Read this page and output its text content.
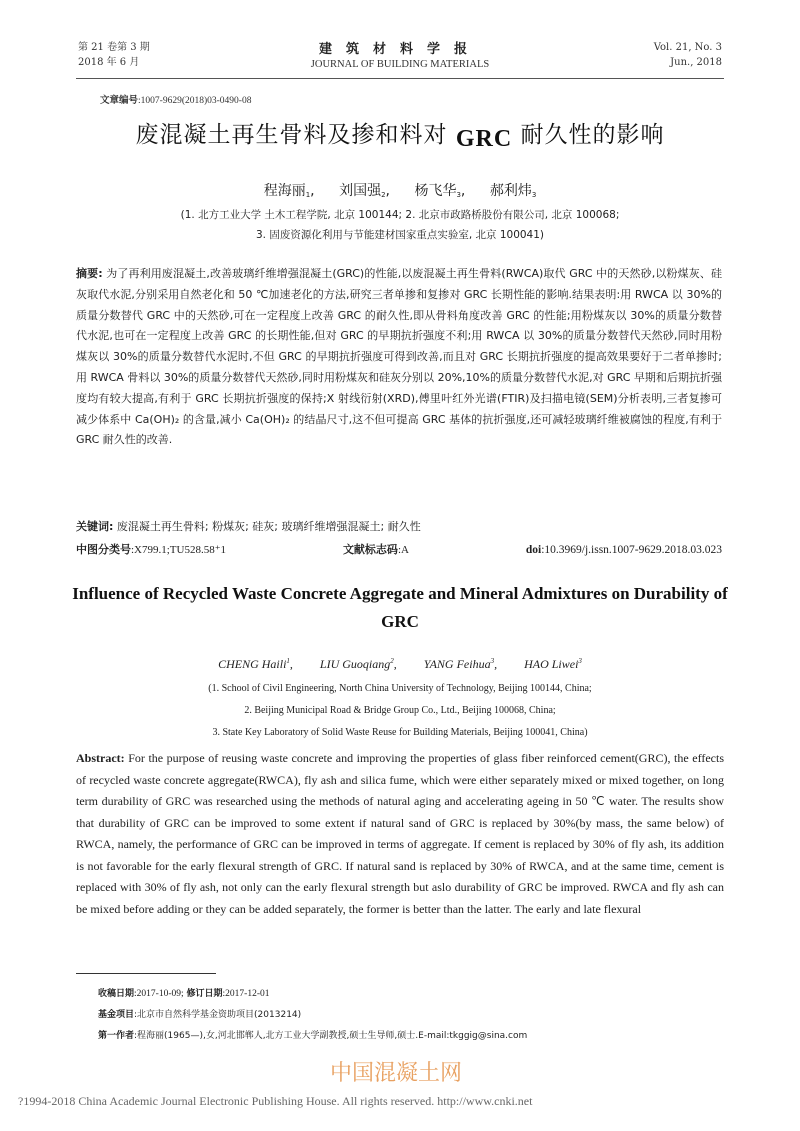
第 21 卷第 3 期
2018 年 6 月
建筑材料学报
JOURNAL OF BUILDING MATERIALS
Vol. 21, No. 3
Jun., 2018
文章编号:1007-9629(2018)03-0490-08
废混凝土再生骨料及掺和料对 GRC 耐久性的影响
程海丽$^1$, 刘国强$^2$, 杨飞华$^3$, 郝利炜$^3$
(1. 北方工业大学 土木工程学院, 北京 100144; 2. 北京市政路桥股份有限公司, 北京 100068;
3. 固废资源化利用与节能建材国家重点实验室, 北京 100041)
摘要: 为了再利用废混凝土,改善玻璃纤维增强混凝土(GRC)的性能,以废混凝土再生骨料(RWCA)取代 GRC 中的天然砂,以粉煤灰、硅灰取代水泥,分别采用自然老化和 50 ℃加速老化的方法,研究三者单掺和复掺对 GRC 长期性能的影响.结果表明:用 RWCA 以 30%的质量分数替代 GRC 中的天然砂,可在一定程度上改善 GRC 的耐久性,即从骨料角度改善 GRC 的性能;用粉煤灰以 30%的质量分数替代水泥,也可在一定程度上改善 GRC 的长期性能,但对 GRC 的早期抗折强度不利;用 RWCA 以 30%的质量分数替代天然砂,同时用粉煤灰以 30%的质量分数替代水泥时,不但 GRC 的早期抗折强度可得到改善,而且对 GRC 长期抗折强度的提高效果要好于二者单掺时;用 RWCA 骨料以 30%的质量分数替代天然砂,同时用粉煤灰和硅灰分别以 20%,10%的质量分数替代水泥,对 GRC 早期和后期抗折强度均有较大提高,有利于 GRC 长期抗折强度的保持;X 射线衍射(XRD),傅里叶红外光谱(FTIR)及扫描电镜(SEM)分析表明,三者复掺可减少体系中 Ca(OH)₂ 的含量,减小 Ca(OH)₂ 的结晶尺寸,这不但可提高 GRC 基体的抗折强度,还可减轻玻璃纤维被腐蚀的程度,有利于 GRC 耐久性的改善.
关键词: 废混凝土再生骨料; 粉煤灰; 硅灰; 玻璃纤维增强混凝土; 耐久性
中图分类号:X799.1;TU528.58⁺1	文献标志码:A	doi:10.3969/j.issn.1007-9629.2018.03.023
Influence of Recycled Waste Concrete Aggregate and Mineral Admixtures on Durability of GRC
CHENG Haili$^1$, LIU Guoqiang$^2$, YANG Feihua$^3$, HAO Liwei$^3$
(1. School of Civil Engineering, North China University of Technology, Beijing 100144, China;
2. Beijing Municipal Road & Bridge Group Co., Ltd., Beijing 100068, China;
3. State Key Laboratory of Solid Waste Reuse for Building Materials, Beijing 100041, China)
Abstract: For the purpose of reusing waste concrete and improving the properties of glass fiber reinforced cement(GRC), the effects of recycled waste concrete aggregate(RWCA), fly ash and silica fume, which were either separately mixed or mixed together, on long term durability of GRC was researched using the methods of natural aging and accelerating ageing in 50 ℃ water. The results show that durability of GRC can be improved to some extent if natural sand of GRC is replaced by 30%(by mass, the same below) of RWCA, namely, the performance of GRC can be improved in terms of aggregate. If cement is replaced by 30% of fly ash, its addition is not favorable for the early flexural strength of GRC. If natural sand is replaced by 30% of RWCA, and at the same time, cement is replaced with 30% of fly ash, not only can the early flexural strength but aslo durability of GRC be improved. RWCA and fly ash can be mixed before adding or they can be added separately, the former is better than the latter. The early and late flexural
收稿日期:2017-10-09; 修订日期:2017-12-01
基金项目:北京市自然科学基金资助项目(2013214)
第一作者:程海丽(1965—),女,河北邯郸人,北方工业大学副教授,硕士生导师,硕士.E-mail:tkggig@sina.com
中国混凝土网
?1994-2018 China Academic Journal Electronic Publishing House. All rights reserved. http://www.cnki.net
